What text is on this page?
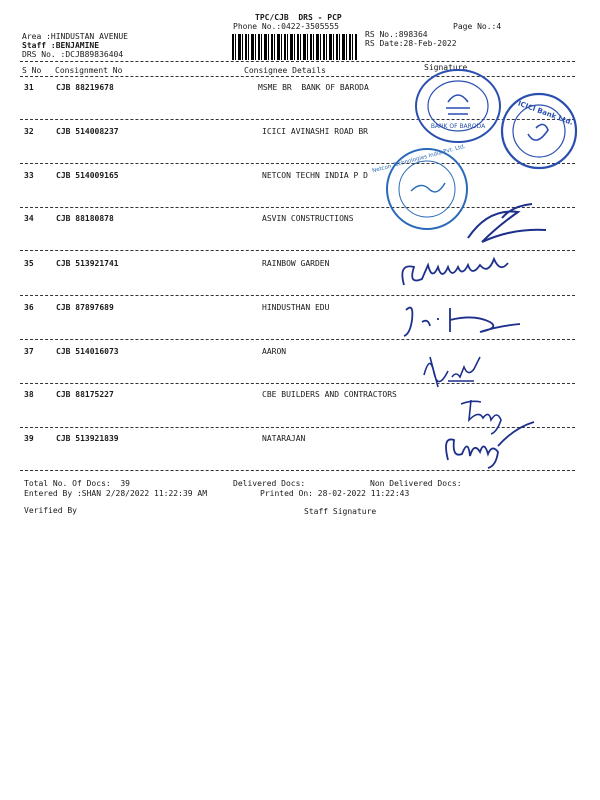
TPC/CJB  DRS - PCP
Phone No.:0422-3505555	Page No.:4
Area :HINDUSTAN AVENUE
Staff :BENJAMINE
DRS No. :DCJB89836404
RS No.:898364
RS Date:28-Feb-2022
S No Consignment No	Consignee Details	Signature
31	CJB 88219678	MSME BR  BANK OF BARODA
32	CJB 514008237	ICICI AVINASHI ROAD BR
33	CJB 514009165	NETCON TECHN INDIA P D
34	CJB 88180878	ASVIN CONSTRUCTIONS
35	CJB 513921741	RAINBOW GARDEN
36	CJB 87897689	HINDUSTHAN EDU
37	CJB 514016073	AARON
38	CJB 88175227	CBE BUILDERS AND CONTRACTORS
39	CJB 513921839	NATARAJAN
Total No. Of Docs:  39	Delivered Docs:	Non Delivered Docs:
Entered By :SHAN 2/28/2022 11:22:39 AM	Printed On: 28-02-2022 11:22:43
Verified By	Staff Signature
BANK OF BARODA	ICICI Bank Ltd.
Netcon Technologies India Pvt. Ltd.
